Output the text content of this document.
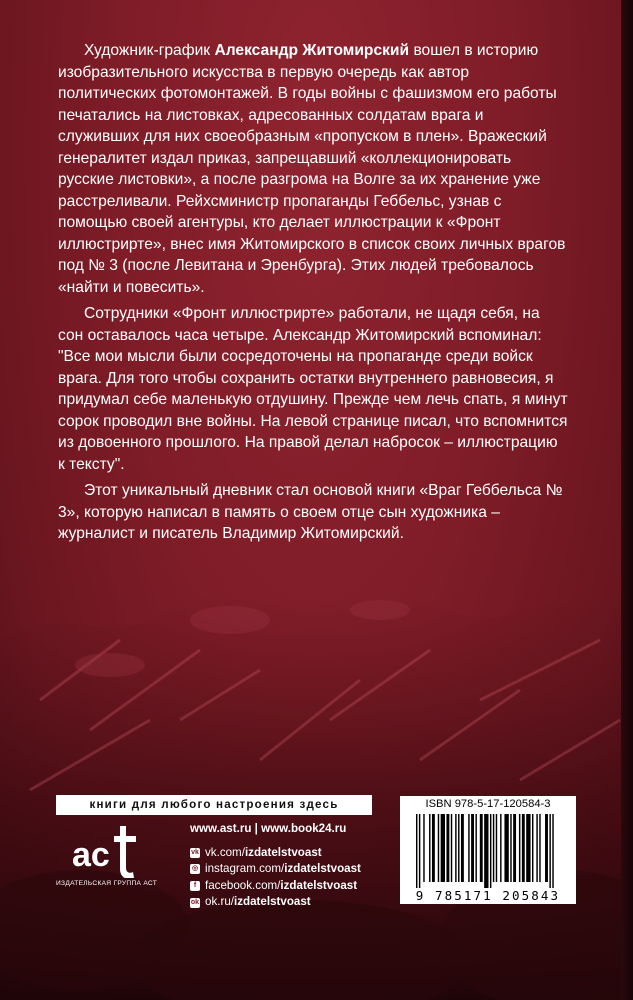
Художник-график Александр Житомирский вошел в историю изобразительного искусства в первую очередь как автор политических фотомонтажей. В годы войны с фашизмом его работы печатались на листовках, адресованных солдатам врага и служивших для них своеобразным «пропуском в плен». Вражеский генералитет издал приказ, запрещавший «коллекционировать русские листовки», а после разгрома на Волге за их хранение уже расстреливали. Рейхсминистр пропаганды Геббельс, узнав с помощью своей агентуры, кто делает иллюстрации к «Фронт иллюстрирте», внес имя Житомирского в список своих личных врагов под № 3 (после Левитана и Эренбурга). Этих людей требовалось «найти и повесить».

Сотрудники «Фронт иллюстрирте» работали, не щадя себя, на сон оставалось часа четыре. Александр Житомирский вспоминал: "Все мои мысли были сосредоточены на пропаганде среди войск врага. Для того чтобы сохранить остатки внутреннего равновесия, я придумал себе маленькую отдушину. Прежде чем лечь спать, я минут сорок проводил вне войны. На левой странице писал, что вспомнится из довоенного прошлого. На правой делал набросок – иллюстрацию к тексту".

Этот уникальный дневник стал основой книги «Враг Геббельса № 3», которую написал в память о своем отце сын художника – журналист и писатель Владимир Житомирский.

книги для любого настроения здесь
ac
ИЗДАТЕЛЬСКАЯ ГРУППА АСТ
www.ast.ru | www.book24.ru
vk vk.com/ izdatelstvoast
◎ instagram.com/ izdatelstvoast
f facebook.com/ izdatelstvoast
ok ok.ru/ izdatelstvoast
ISBN 978-5-17-120584-3
9 785171 205843
